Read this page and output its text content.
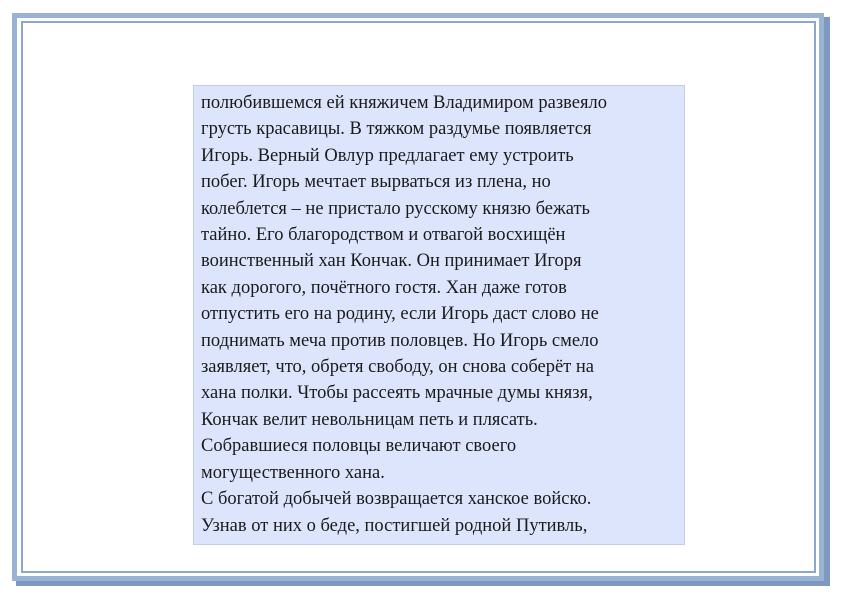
полюбившемся ей княжичем Владимиром развеяло
грусть красавицы. В тяжком раздумье появляется
Игорь. Верный Овлур предлагает ему устроить
побег. Игорь мечтает вырваться из плена, но
колеблется – не пристало русскому князю бежать
тайно. Его благородством и отвагой восхищён
воинственный хан Кончак. Он принимает Игоря
как дорогого, почётного гостя. Хан даже готов
отпустить его на родину, если Игорь даст слово не
поднимать меча против половцев. Но Игорь смело
заявляет, что, обретя свободу, он снова соберёт на
хана полки. Чтобы рассеять мрачные думы князя,
Кончак велит невольницам петь и плясать.
Собравшиеся половцы величают своего
могущественного хана.
С богатой добычей возвращается ханское войско.
Узнав от них о беде, постигшей родной Путивль,
